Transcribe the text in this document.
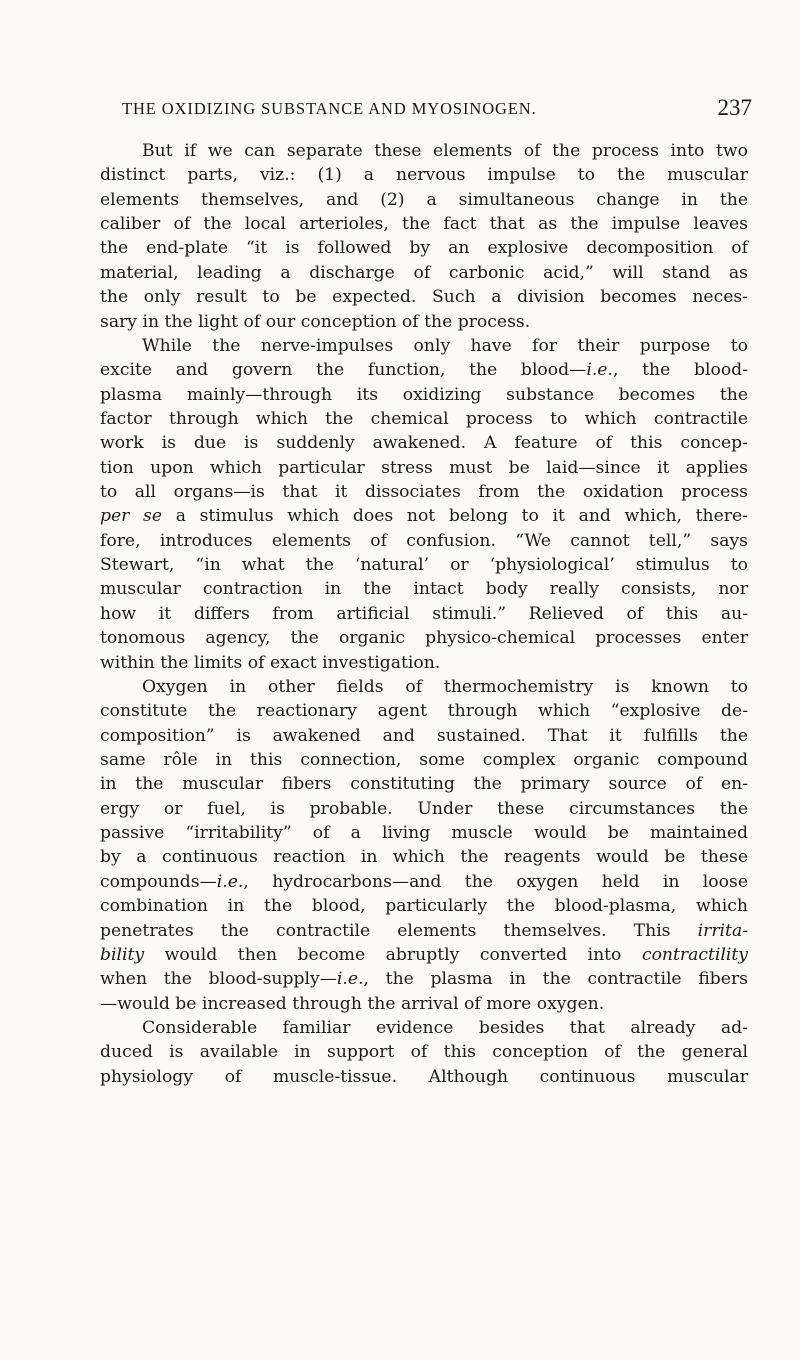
THE OXIDIZING SUBSTANCE AND MYOSINOGEN.	237
But if we can separate these elements of the process into two
distinct parts, viz.: (1) a nervous impulse to the muscular
elements themselves, and (2) a simultaneous change in the
caliber of the local arterioles, the fact that as the impulse leaves
the end-plate “it is followed by an explosive decomposition of
material, leading a discharge of carbonic acid,” will stand as
the only result to be expected. Such a division becomes neces-
sary in the light of our conception of the process.
While the nerve-impulses only have for their purpose to
excite and govern the function, the blood—i.e., the blood-
plasma mainly—through its oxidizing substance becomes the
factor through which the chemical process to which contractile
work is due is suddenly awakened. A feature of this concep-
tion upon which particular stress must be laid—since it applies
to all organs—is that it dissociates from the oxidation process
per se a stimulus which does not belong to it and which, there-
fore, introduces elements of confusion. “We cannot tell,” says
Stewart, “in what the ‘natural’ or ‘physiological’ stimulus to
muscular contraction in the intact body really consists, nor
how it differs from artificial stimuli.” Relieved of this au-
tonomous agency, the organic physico-chemical processes enter
within the limits of exact investigation.
Oxygen in other fields of thermochemistry is known to
constitute the reactionary agent through which “explosive de-
composition” is awakened and sustained. That it fulfills the
same rôle in this connection, some complex organic compound
in the muscular fibers constituting the primary source of en-
ergy or fuel, is probable. Under these circumstances the
passive “irritability” of a living muscle would be maintained
by a continuous reaction in which the reagents would be these
compounds—i.e., hydrocarbons—and the oxygen held in loose
combination in the blood, particularly the blood-plasma, which
penetrates the contractile elements themselves. This irrita-
bility would then become abruptly converted into contractility
when the blood-supply—i.e., the plasma in the contractile fibers
—would be increased through the arrival of more oxygen.
Considerable familiar evidence besides that already ad-
duced is available in support of this conception of the general
physiology of muscle-tissue. Although continuous muscular
